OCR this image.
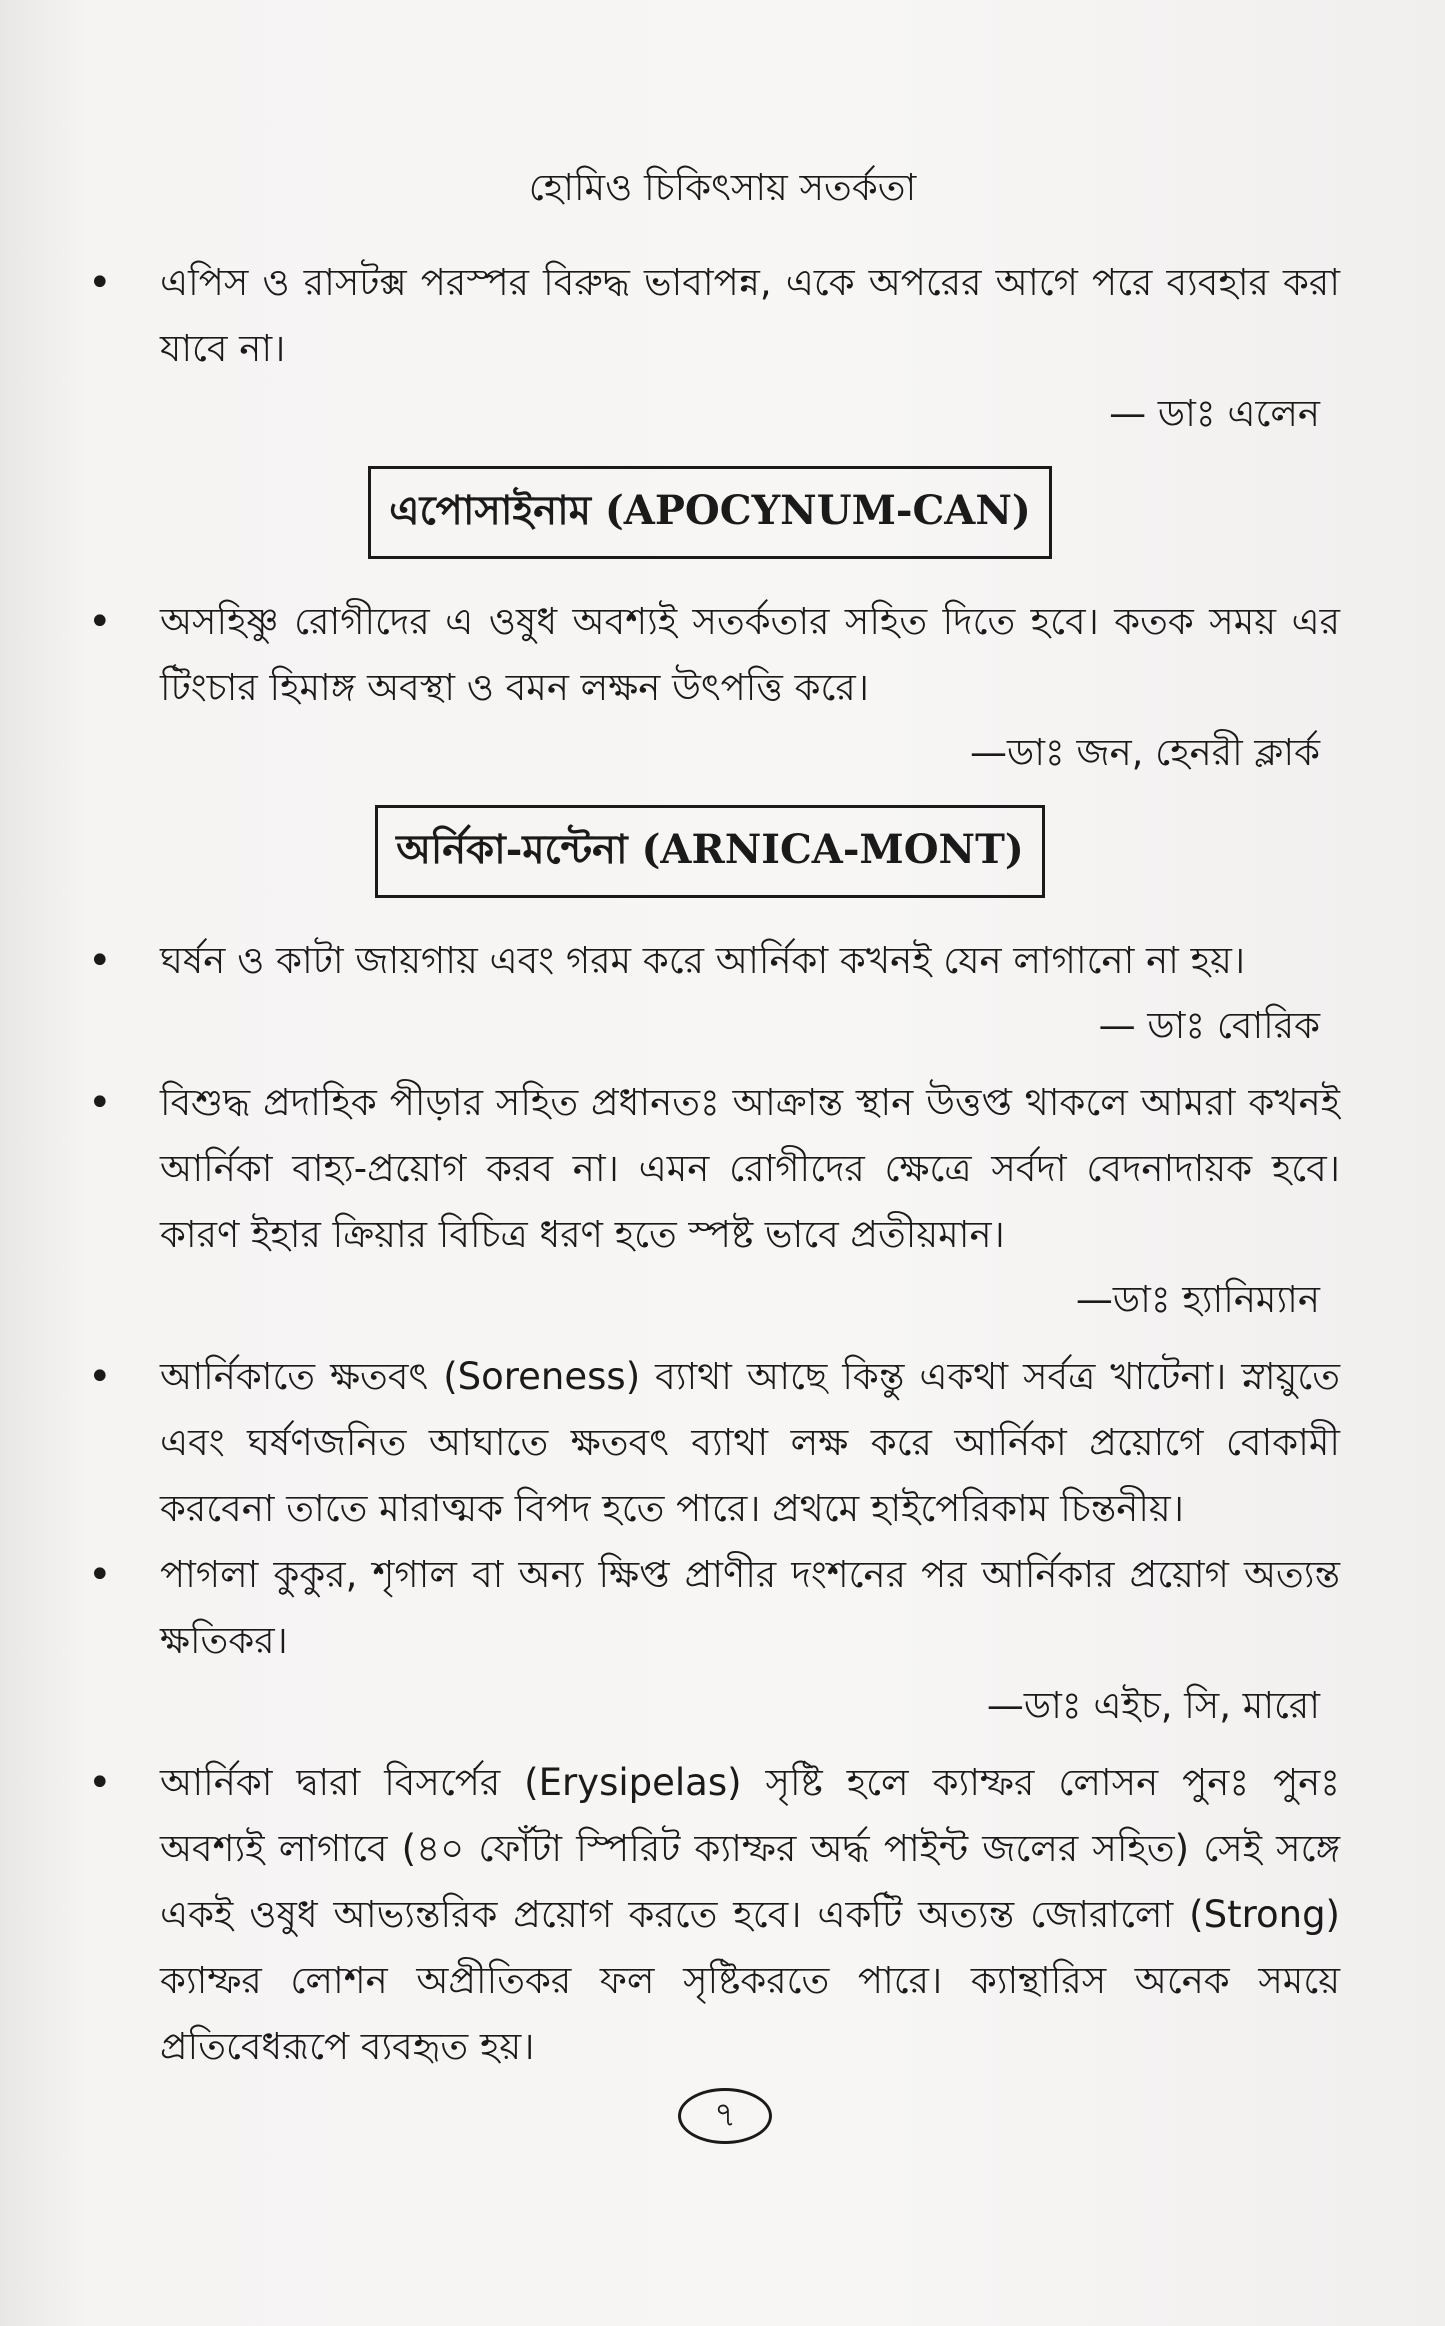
হোমিও চিকিৎসায় সতর্কতা
• এপিস ও রাসটক্স পরস্পর বিরুদ্ধ ভাবাপন্ন, একে অপরের আগে পরে ব্যবহার করা যাবে না।
— ডাঃ এলেন
এপোসাইনাম (APOCYNUM-CAN)
• অসহিষ্ণু রোগীদের এ ওষুধ অবশ্যই সতর্কতার সহিত দিতে হবে। কতক সময় এর টিংচার হিমাঙ্গ অবস্থা ও বমন লক্ষন উৎপত্তি করে।
—ডাঃ জন, হেনরী ক্লার্ক
অর্নিকা-মন্টেনা (ARNICA-MONT)
• ঘর্ষন ও কাটা জায়গায় এবং গরম করে আর্নিকা কখনই যেন লাগানো না হয়।
— ডাঃ বোরিক
• বিশুদ্ধ প্রদাহিক পীড়ার সহিত প্রধানতঃ আক্রান্ত স্থান উত্তপ্ত থাকলে আমরা কখনই আর্নিকা বাহ্য-প্রয়োগ করব না। এমন রোগীদের ক্ষেত্রে সর্বদা বেদনাদায়ক হবে। কারণ ইহার ক্রিয়ার বিচিত্র ধরণ হতে স্পষ্ট ভাবে প্রতীয়মান।
—ডাঃ হ্যানিম্যান
• আর্নিকাতে ক্ষতবৎ (Soreness) ব্যাথা আছে কিন্তু একথা সর্বত্র খাটেনা। স্নায়ুতে এবং ঘর্ষণজনিত আঘাতে ক্ষতবৎ ব্যাথা লক্ষ করে আর্নিকা প্রয়োগে বোকামী করবেনা তাতে মারাত্মক বিপদ হতে পারে। প্রথমে হাইপেরিকাম চিন্তনীয়।
• পাগলা কুকুর, শৃগাল বা অন্য ক্ষিপ্ত প্রাণীর দংশনের পর আর্নিকার প্রয়োগ অত্যন্ত ক্ষতিকর।
—ডাঃ এইচ, সি, মারো
• আর্নিকা দ্বারা বিসর্পের (Erysipelas) সৃষ্টি হলে ক্যাম্ফর লোসন পুনঃ পুনঃ অবশ্যই লাগাবে (৪০ ফোঁটা স্পিরিট ক্যাম্ফর অর্দ্ধ পাইন্ট জলের সহিত) সেই সঙ্গে একই ওষুধ আভ্যন্তরিক প্রয়োগ করতে হবে। একটি অত্যন্ত জোরালো (Strong) ক্যাম্ফর লোশন অপ্রীতিকর ফল সৃষ্টিকরতে পারে। ক্যান্থারিস অনেক সময়ে প্রতিবেধরূপে ব্যবহৃত হয়।
৭
